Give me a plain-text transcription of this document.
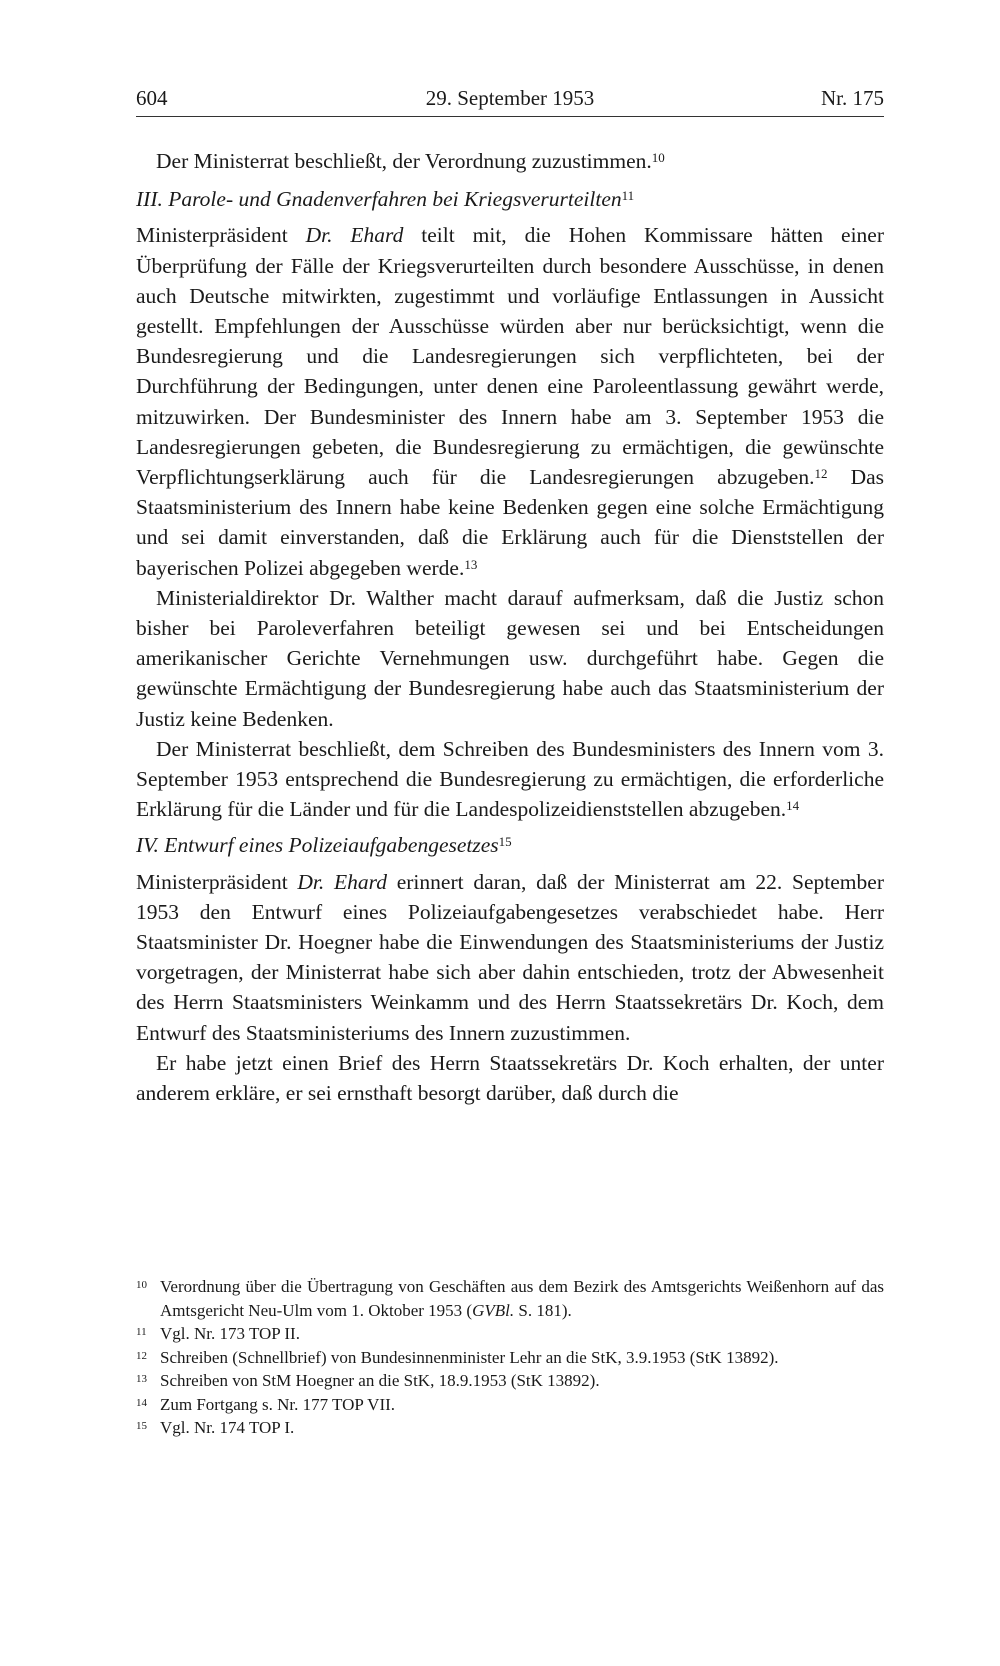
604	29. September 1953	Nr. 175

Der Ministerrat beschließt, der Verordnung zuzustimmen.$^{10}$

III. Parole- und Gnadenverfahren bei Kriegsverurteilten$^{11}$

Ministerpräsident Dr. Ehard teilt mit, die Hohen Kommissare hätten einer Überprüfung der Fälle der Kriegsverurteilten durch besondere Ausschüsse, in denen auch Deutsche mitwirkten, zugestimmt und vorläufige Entlassungen in Aussicht gestellt. Empfehlungen der Ausschüsse würden aber nur berücksichtigt, wenn die Bundesregierung und die Landesregierungen sich verpflichteten, bei der Durchführung der Bedingungen, unter denen eine Paroleentlassung gewährt werde, mitzuwirken. Der Bundesminister des Innern habe am 3. September 1953 die Landesregierungen gebeten, die Bundesregierung zu ermächtigen, die gewünschte Verpflichtungserklärung auch für die Landesregierungen abzugeben.$^{12}$ Das Staatsministerium des Innern habe keine Bedenken gegen eine solche Ermächtigung und sei damit einverstanden, daß die Erklärung auch für die Dienststellen der bayerischen Polizei abgegeben werde.$^{13}$

Ministerialdirektor Dr. Walther macht darauf aufmerksam, daß die Justiz schon bisher bei Paroleverfahren beteiligt gewesen sei und bei Entscheidungen amerikanischer Gerichte Vernehmungen usw. durchgeführt habe. Gegen die gewünschte Ermächtigung der Bundesregierung habe auch das Staatsministerium der Justiz keine Bedenken.

Der Ministerrat beschließt, dem Schreiben des Bundesministers des Innern vom 3. September 1953 entsprechend die Bundesregierung zu ermächtigen, die erforderliche Erklärung für die Länder und für die Landespolizeidienststellen abzugeben.$^{14}$

IV. Entwurf eines Polizeiaufgabengesetzes$^{15}$

Ministerpräsident Dr. Ehard erinnert daran, daß der Ministerrat am 22. September 1953 den Entwurf eines Polizeiaufgabengesetzes verabschiedet habe. Herr Staatsminister Dr. Hoegner habe die Einwendungen des Staatsministeriums der Justiz vorgetragen, der Ministerrat habe sich aber dahin entschieden, trotz der Abwesenheit des Herrn Staatsministers Weinkamm und des Herrn Staatssekretärs Dr. Koch, dem Entwurf des Staatsministeriums des Innern zuzustimmen.

Er habe jetzt einen Brief des Herrn Staatssekretärs Dr. Koch erhalten, der unter anderem erkläre, er sei ernsthaft besorgt darüber, daß durch die

10 Verordnung über die Übertragung von Geschäften aus dem Bezirk des Amtsgerichts Weißenhorn auf das Amtsgericht Neu-Ulm vom 1. Oktober 1953 (GVBl. S. 181).
11 Vgl. Nr. 173 TOP II.
12 Schreiben (Schnellbrief) von Bundesinnenminister Lehr an die StK, 3.9.1953 (StK 13892).
13 Schreiben von StM Hoegner an die StK, 18.9.1953 (StK 13892).
14 Zum Fortgang s. Nr. 177 TOP VII.
15 Vgl. Nr. 174 TOP I.
